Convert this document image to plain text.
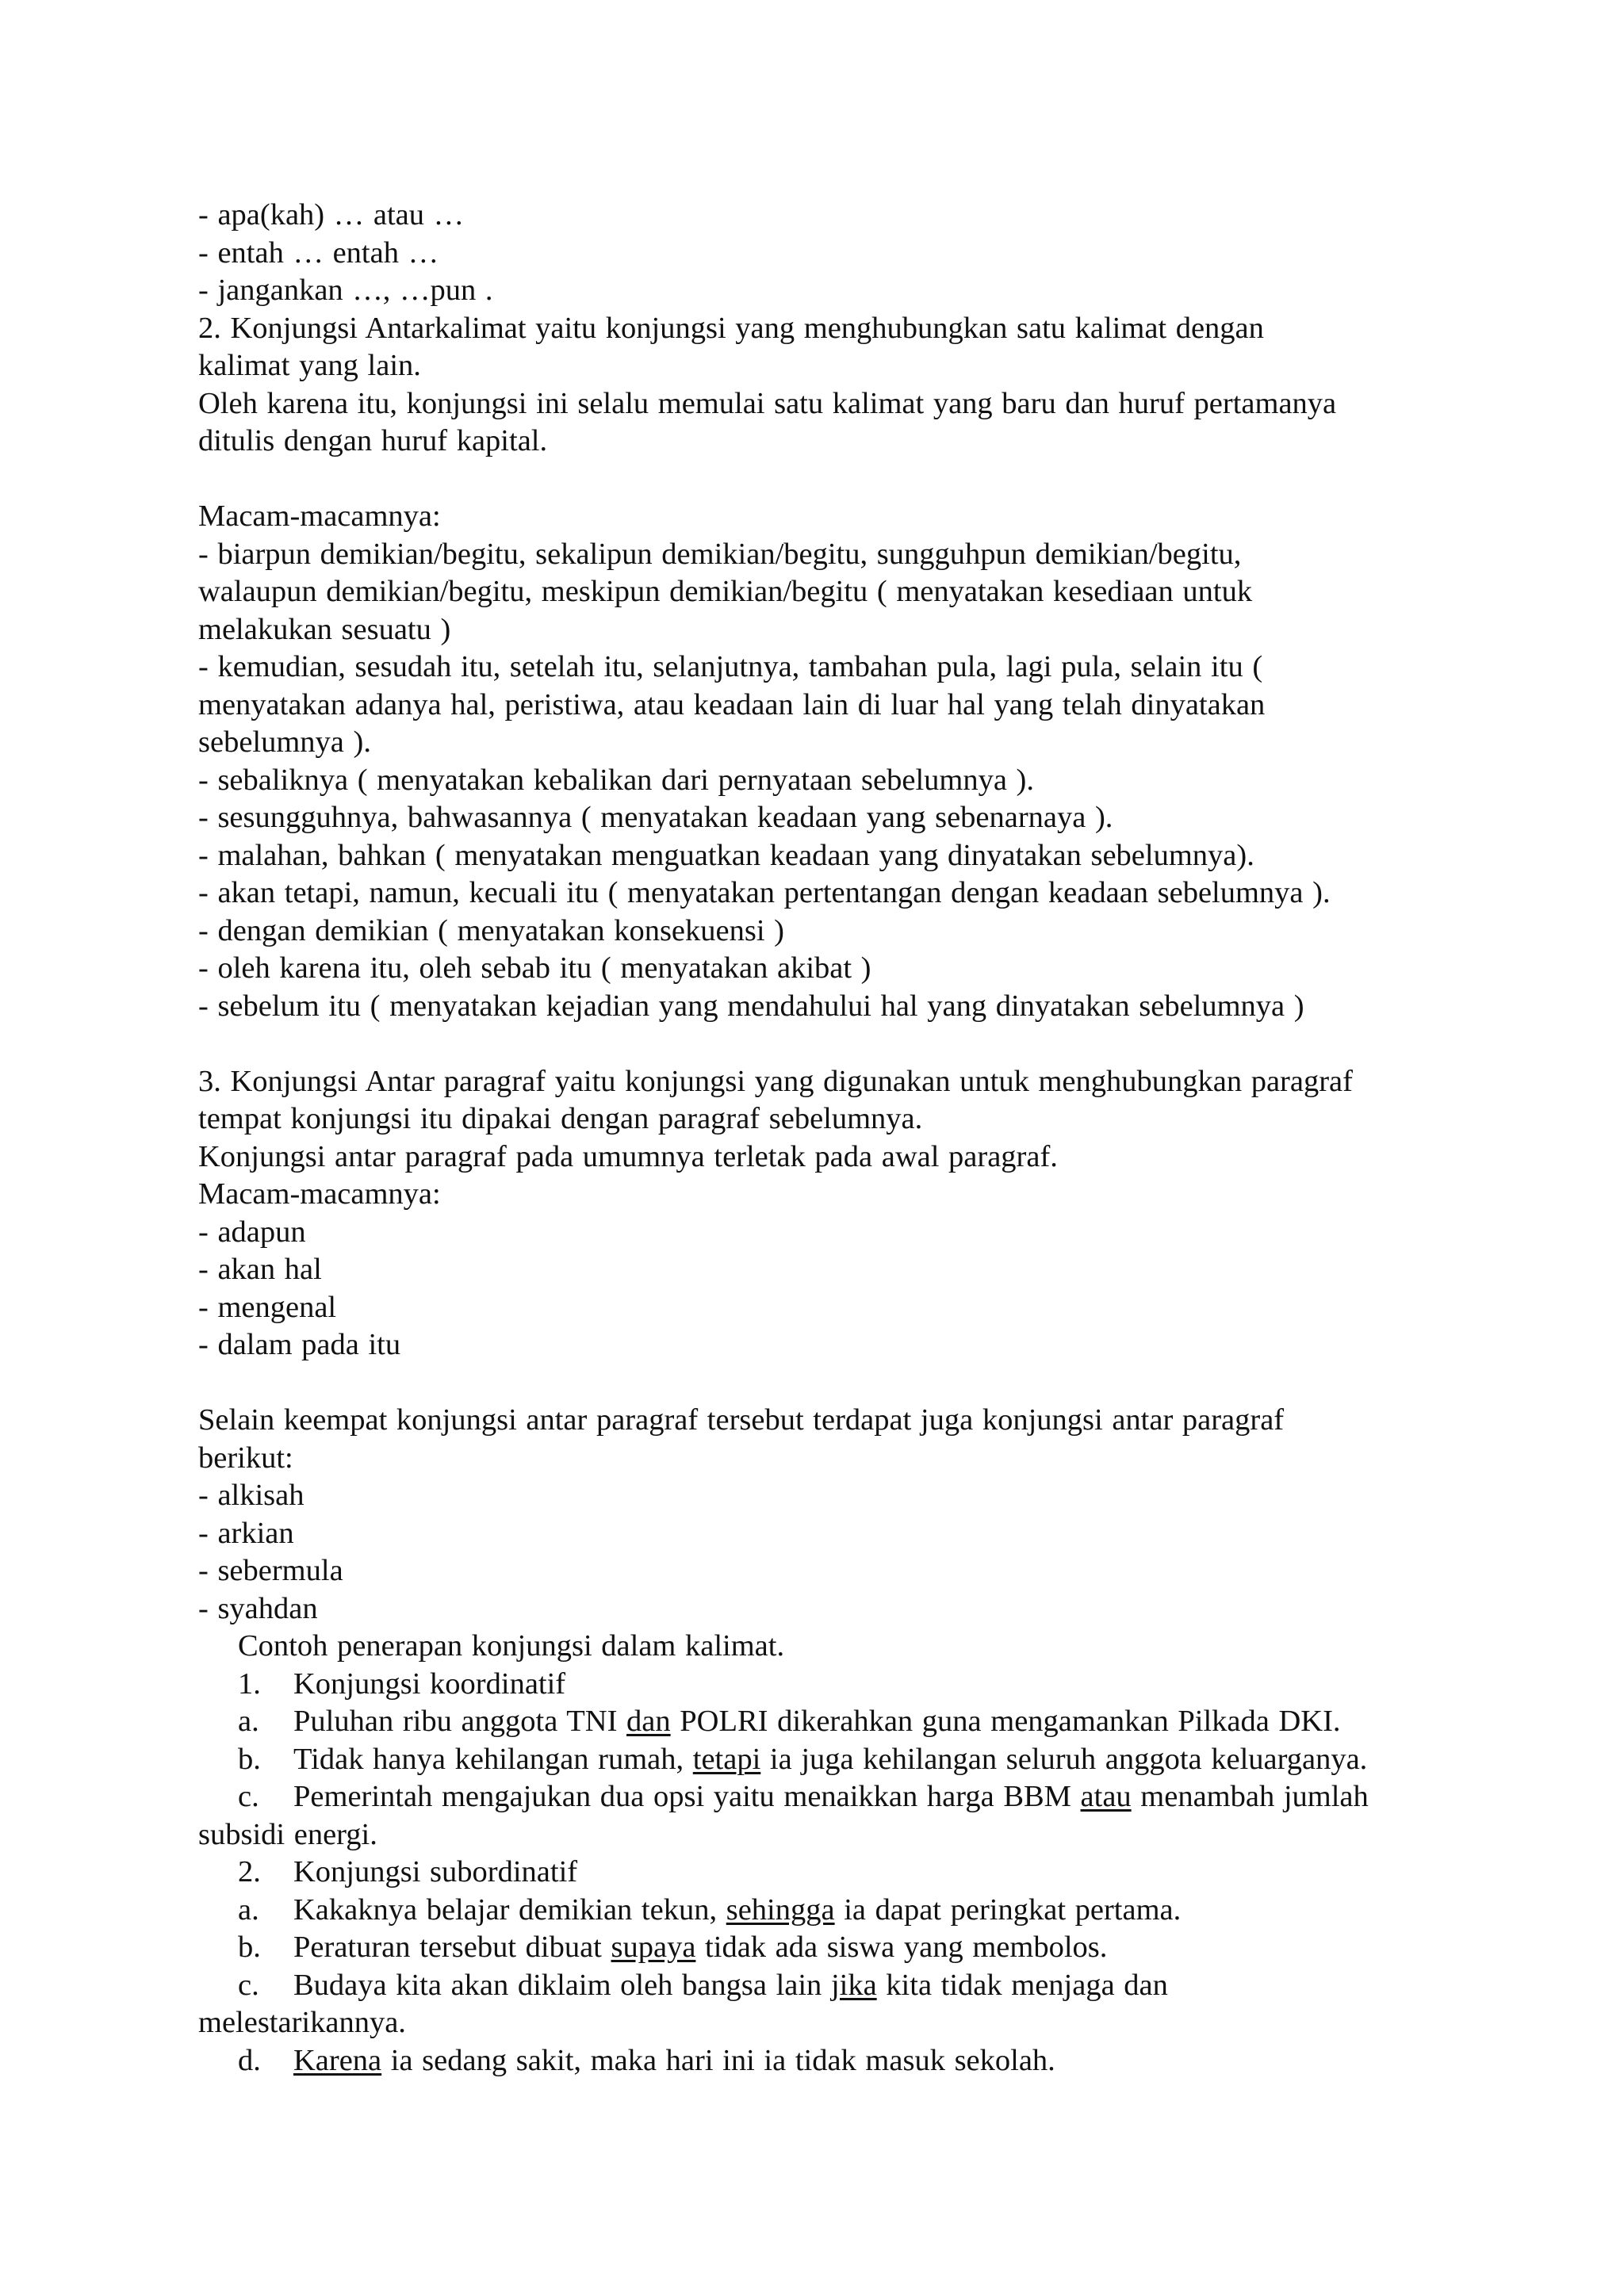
- apa(kah) … atau …
- entah … entah …
- jangankan …, …pun .
2. Konjungsi Antarkalimat yaitu konjungsi yang menghubungkan satu kalimat dengan
kalimat yang lain.
Oleh karena itu, konjungsi ini selalu memulai satu kalimat yang baru dan huruf pertamanya
ditulis dengan huruf kapital.
Macam-macamnya:
- biarpun demikian/begitu, sekalipun demikian/begitu, sungguhpun demikian/begitu,
walaupun demikian/begitu, meskipun demikian/begitu ( menyatakan kesediaan untuk
melakukan sesuatu )
- kemudian, sesudah itu, setelah itu, selanjutnya, tambahan pula, lagi pula, selain itu (
menyatakan adanya hal, peristiwa, atau keadaan lain di luar hal yang telah dinyatakan
sebelumnya ).
- sebaliknya ( menyatakan kebalikan dari pernyataan sebelumnya ).
- sesungguhnya, bahwasannya ( menyatakan keadaan yang sebenarnaya ).
- malahan, bahkan ( menyatakan menguatkan keadaan yang dinyatakan sebelumnya).
- akan tetapi, namun, kecuali itu ( menyatakan pertentangan dengan keadaan sebelumnya ).
- dengan demikian ( menyatakan konsekuensi )
- oleh karena itu, oleh sebab itu ( menyatakan akibat )
- sebelum itu ( menyatakan kejadian yang mendahului hal yang dinyatakan sebelumnya )
3. Konjungsi Antar paragraf yaitu konjungsi yang digunakan untuk menghubungkan paragraf
tempat konjungsi itu dipakai dengan paragraf sebelumnya.
Konjungsi antar paragraf pada umumnya terletak pada awal paragraf.
Macam-macamnya:
- adapun
- akan hal
- mengenal
- dalam pada itu
Selain keempat konjungsi antar paragraf tersebut terdapat juga konjungsi antar paragraf
berikut:
- alkisah
- arkian
- sebermula
- syahdan
Contoh penerapan konjungsi dalam kalimat.
1. Konjungsi koordinatif
a. Puluhan ribu anggota TNI dan POLRI dikerahkan guna mengamankan Pilkada DKI.
b. Tidak hanya kehilangan rumah, tetapi ia juga kehilangan seluruh anggota keluarganya.
c. Pemerintah mengajukan dua opsi yaitu menaikkan harga BBM atau menambah jumlah
subsidi energi.
2. Konjungsi subordinatif
a. Kakaknya belajar demikian tekun, sehingga ia dapat peringkat pertama.
b. Peraturan tersebut dibuat supaya tidak ada siswa yang membolos.
c. Budaya kita akan diklaim oleh bangsa lain jika kita tidak menjaga dan
melestarikannya.
d. Karena ia sedang sakit, maka hari ini ia tidak masuk sekolah.
